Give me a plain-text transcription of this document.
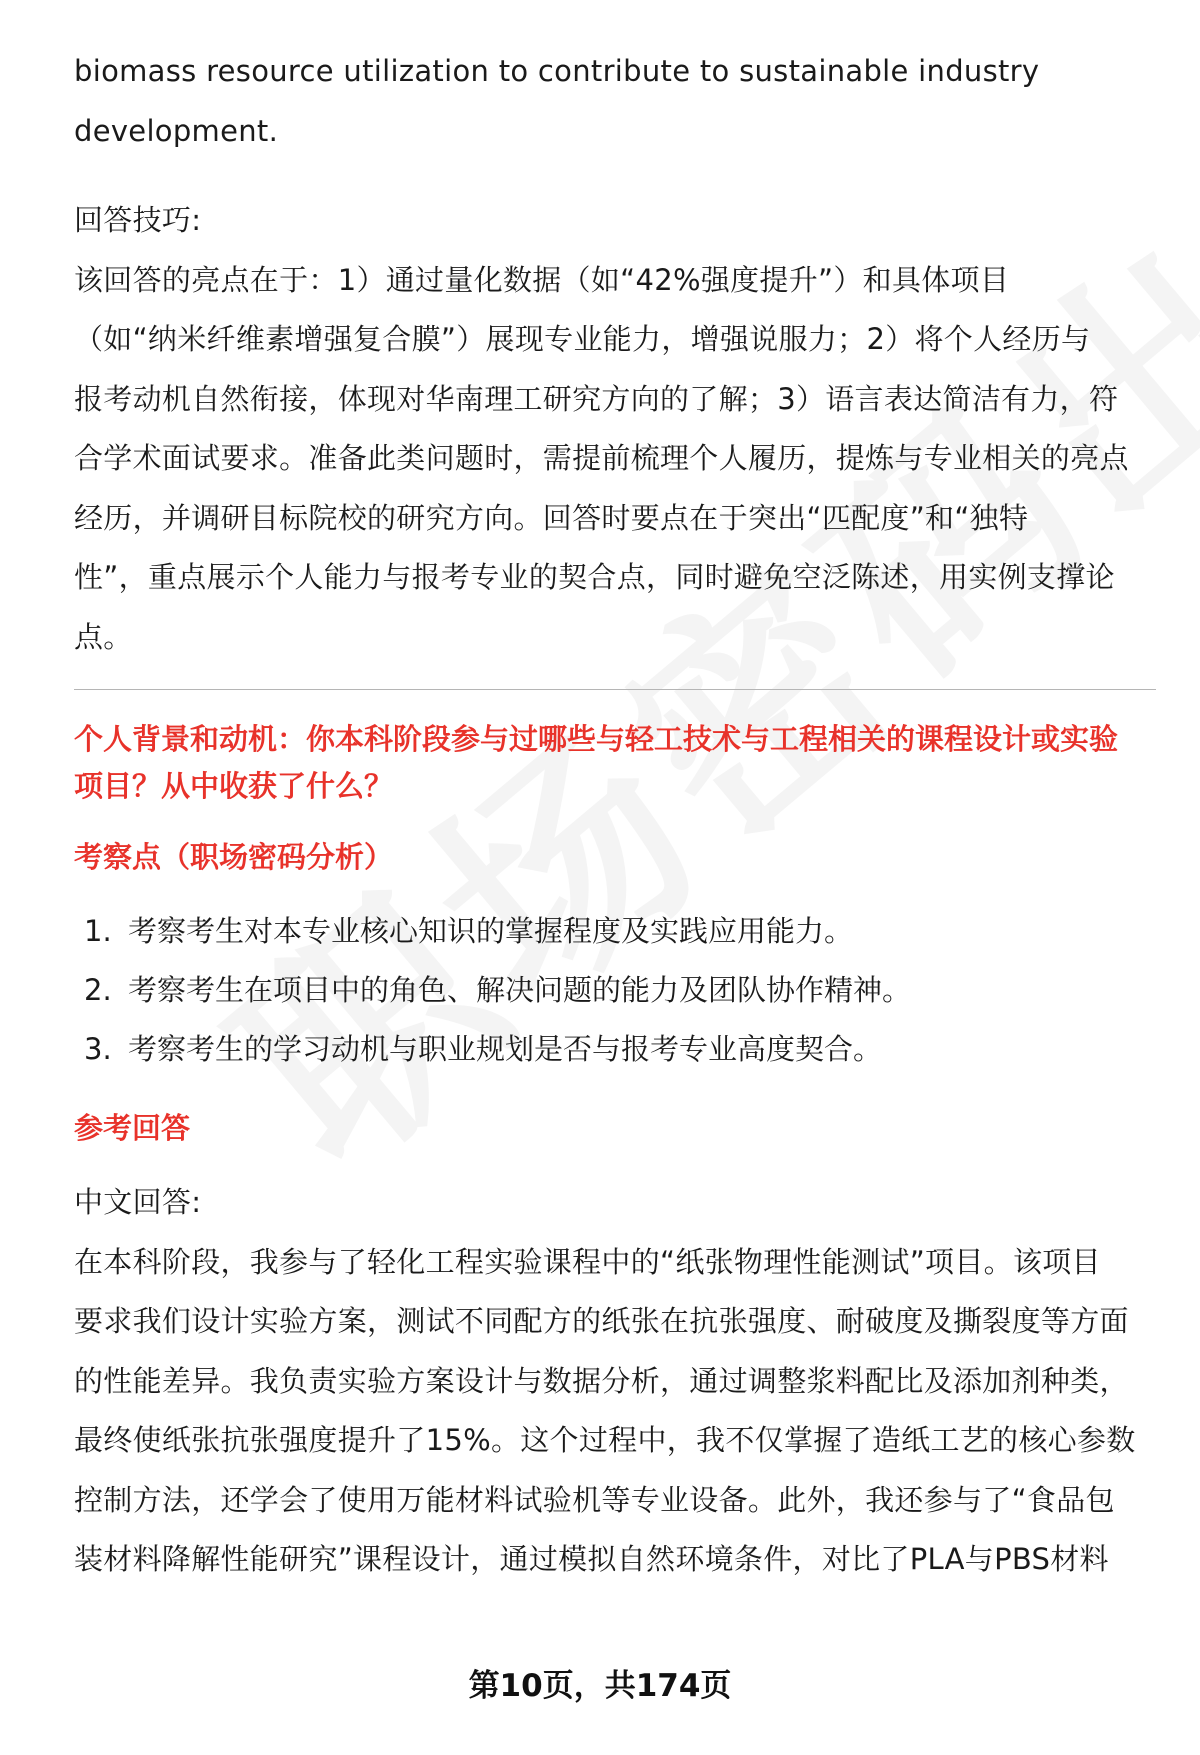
biomass resource utilization to contribute to sustainable industry

development.

回答技巧:

该回答的亮点在于：1）通过量化数据（如“42%强度提升”）和具体项目

（如“纳米纤维素增强复合膜”）展现专业能力，增强说服力；2）将个人经历与

报考动机自然衔接，体现对华南理工研究方向的了解；3）语言表达简洁有力，符

合学术面试要求。准备此类问题时，需提前梳理个人履历，提炼与专业相关的亮点

经历，并调研目标院校的研究方向。回答时要点在于突出“匹配度”和“独特

性”，重点展示个人能力与报考专业的契合点，同时避免空泛陈述，用实例支撑论

点。

个人背景和动机：你本科阶段参与过哪些与轻工技术与工程相关的课程设计或实验

项目？从中收获了什么？

考察点（职场密码分析）

1. 考察考生对本专业核心知识的掌握程度及实践应用能力。
2. 考察考生在项目中的角色、解决问题的能力及团队协作精神。
3. 考察考生的学习动机与职业规划是否与报考专业高度契合。

参考回答

中文回答:

在本科阶段，我参与了轻化工程实验课程中的“纸张物理性能测试”项目。该项目

要求我们设计实验方案，测试不同配方的纸张在抗张强度、耐破度及撕裂度等方面

的性能差异。我负责实验方案设计与数据分析，通过调整浆料配比及添加剂种类，

最终使纸张抗张强度提升了15%。这个过程中，我不仅掌握了造纸工艺的核心参数

控制方法，还学会了使用万能材料试验机等专业设备。此外，我还参与了“食品包

装材料降解性能研究”课程设计，通过模拟自然环境条件，对比了PLA与PBS材料

第10页，共174页
